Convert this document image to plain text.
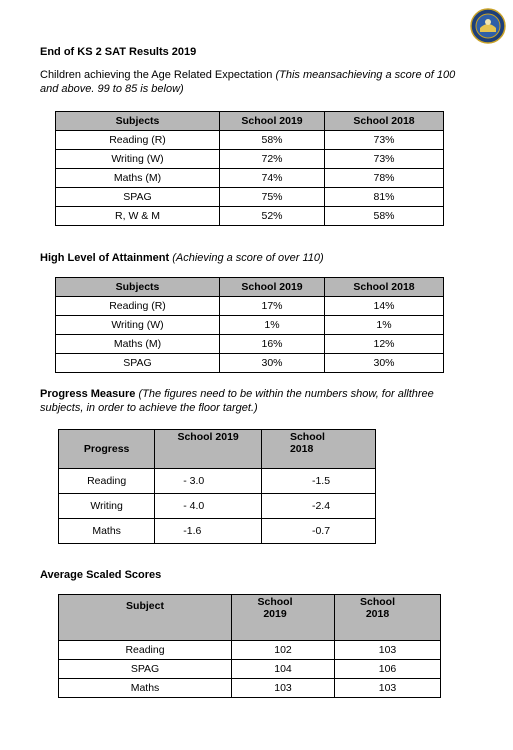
End of KS 2 SAT Results 2019

Children achieving the Age Related Expectation (This meansachieving a score of 100 and above. 99 to 85 is below)

Subjects	School 2019	School 2018
Reading (R)	58%	73%
Writing (W)	72%	73%
Maths (M)	74%	78%
SPAG	75%	81%
R, W & M	52%	58%

High Level of Attainment (Achieving a score of over 110)

Subjects	School 2019	School 2018
Reading (R)	17%	14%
Writing (W)	1%	1%
Maths (M)	16%	12%
SPAG	30%	30%

Progress Measure (The figures need to be within the numbers show, for allthree subjects, in order to achieve the floor target.)

Progress	School 2019	School 2018
Reading	- 3.0	-1.5
Writing	- 4.0	-2.4
Maths	-1.6	-0.7

Average Scaled Scores

Subject	School 2019	School 2018
Reading	102	103
SPAG	104	106
Maths	103	103
